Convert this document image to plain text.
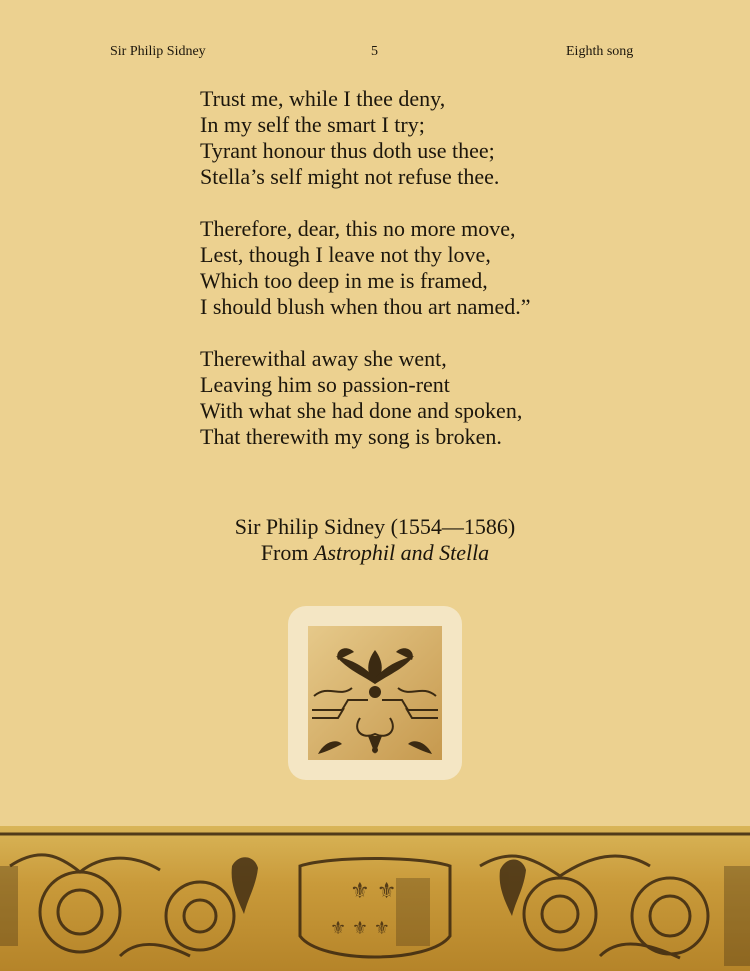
Sir Philip Sidney	5	Eighth song
Trust me, while I thee deny,
In my self the smart I try;
Tyrant honour thus doth use thee;
Stella’s self might not refuse thee.
Therefore, dear, this no more move,
Lest, though I leave not thy love,
Which too deep in me is framed,
I should blush when thou art named.”
Therewithal away she went,
Leaving him so passion-rent
With what she had done and spoken,
That therewith my song is broken.
Sir Philip Sidney (1554—1586)
From Astrophil and Stella
⚜ ⚜
⚜ ⚜ ⚜
